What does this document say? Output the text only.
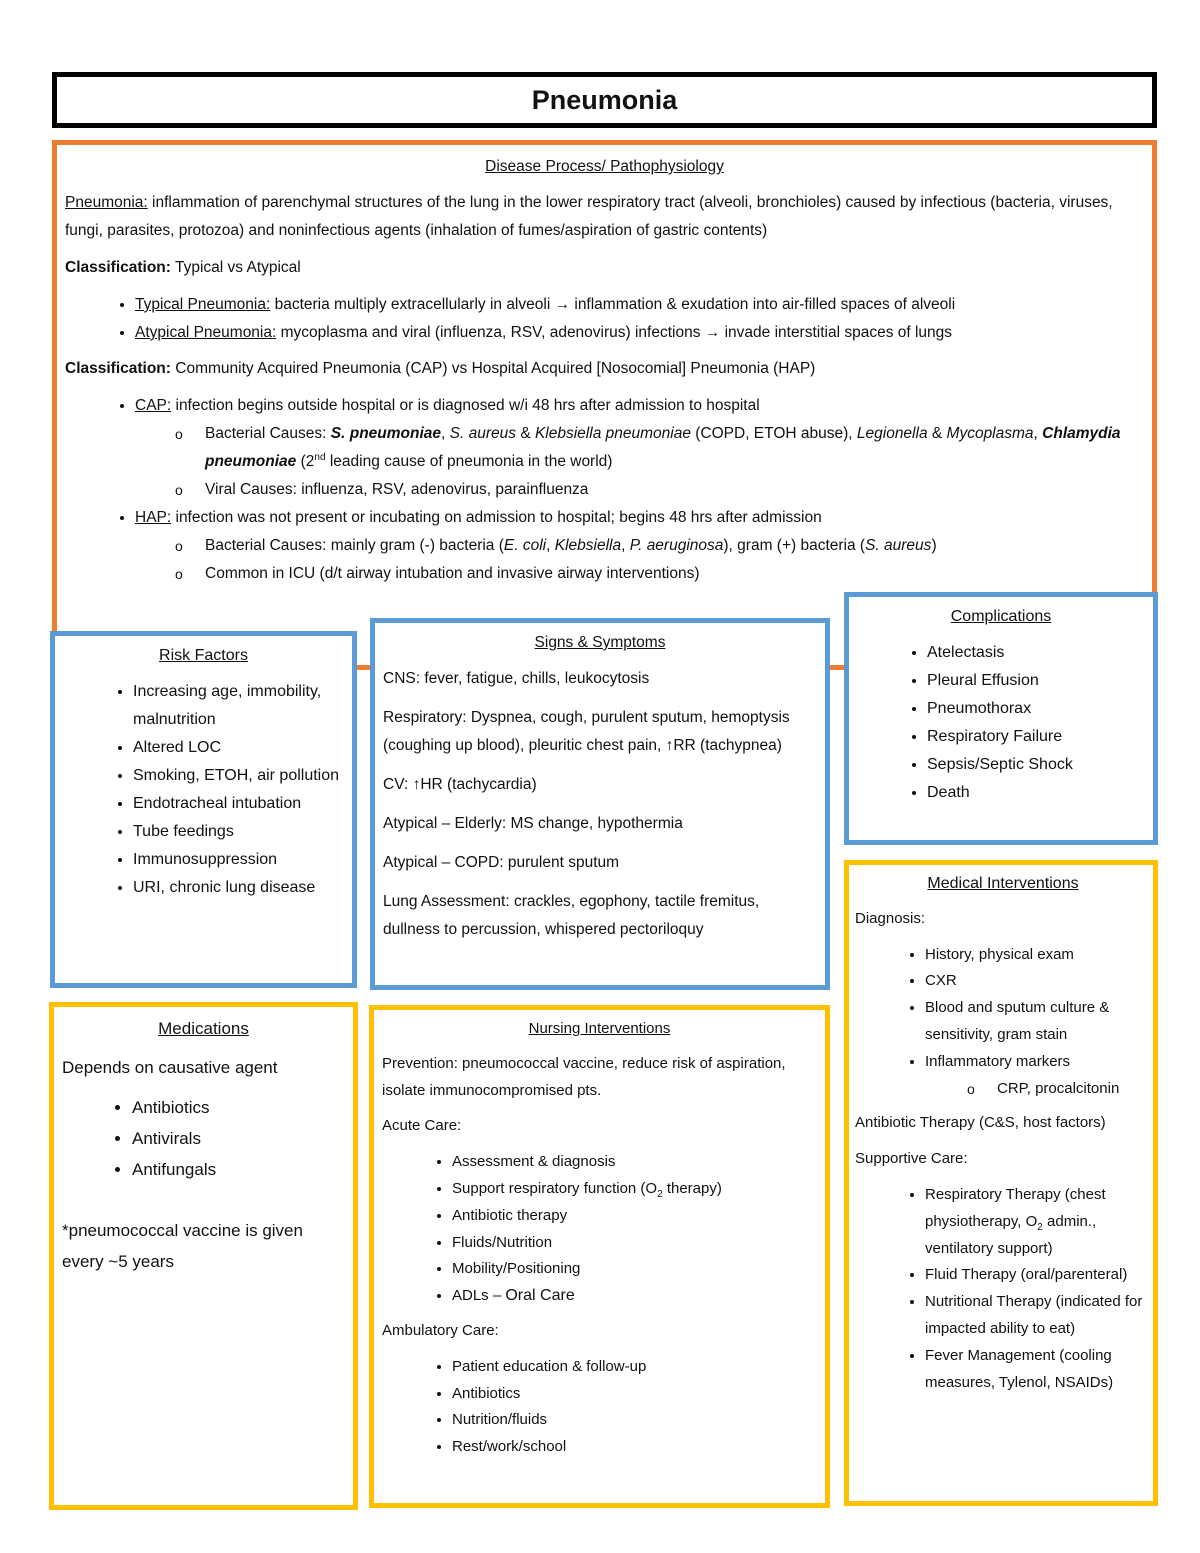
Pneumonia
Disease Process/ Pathophysiology

Pneumonia: inflammation of parenchymal structures of the lung in the lower respiratory tract (alveoli, bronchioles) caused by infectious (bacteria, viruses, fungi, parasites, protozoa) and noninfectious agents (inhalation of fumes/aspiration of gastric contents)

Classification: Typical vs Atypical

• Typical Pneumonia: bacteria multiply extracellularly in alveoli → inflammation & exudation into air-filled spaces of alveoli
• Atypical Pneumonia: mycoplasma and viral (influenza, RSV, adenovirus) infections → invade interstitial spaces of lungs

Classification: Community Acquired Pneumonia (CAP) vs Hospital Acquired [Nosocomial] Pneumonia (HAP)

• CAP: infection begins outside hospital or is diagnosed w/i 48 hrs after admission to hospital
o Bacterial Causes: S. pneumoniae, S. aureus & Klebsiella pneumoniae (COPD, ETOH abuse), Legionella & Mycoplasma, Chlamydia pneumoniae (2nd leading cause of pneumonia in the world)
o Viral Causes: influenza, RSV, adenovirus, parainfluenza
• HAP: infection was not present or incubating on admission to hospital; begins 48 hrs after admission
o Bacterial Causes: mainly gram (-) bacteria (E. coli, Klebsiella, P. aeruginosa), gram (+) bacteria (S. aureus)
o Common in ICU (d/t airway intubation and invasive airway interventions)
Risk Factors
• Increasing age, immobility, malnutrition
• Altered LOC
• Smoking, ETOH, air pollution
• Endotracheal intubation
• Tube feedings
• Immunosuppression
• URI, chronic lung disease
Signs & Symptoms

CNS: fever, fatigue, chills, leukocytosis

Respiratory: Dyspnea, cough, purulent sputum, hemoptysis (coughing up blood), pleuritic chest pain, ↑RR (tachypnea)

CV: ↑HR (tachycardia)

Atypical – Elderly: MS change, hypothermia

Atypical – COPD: purulent sputum

Lung Assessment: crackles, egophony, tactile fremitus, dullness to percussion, whispered pectoriloquy

Complications
• Atelectasis
• Pleural Effusion
• Pneumothorax
• Respiratory Failure
• Sepsis/Septic Shock
• Death
Medications

Depends on causative agent

• Antibiotics
• Antivirals
• Antifungals

*pneumococcal vaccine is given every ~5 years

Nursing Interventions

Prevention: pneumococcal vaccine, reduce risk of aspiration, isolate immunocompromised pts.

Acute Care:

• Assessment & diagnosis
• Support respiratory function ($O_2$ therapy)
• Antibiotic therapy
• Fluids/Nutrition
• Mobility/Positioning
• ADLs – Oral Care

Ambulatory Care:

• Patient education & follow-up
• Antibiotics
• Nutrition/fluids
• Rest/work/school
Medical Interventions

Diagnosis:

• History, physical exam
• CXR
• Blood and sputum culture & sensitivity, gram stain
• Inflammatory markers
o CRP, procalcitonin

Antibiotic Therapy (C&S, host factors)

Supportive Care:

• Respiratory Therapy (chest physiotherapy, $O_2$ admin., ventilatory support)
• Fluid Therapy (oral/parenteral)
• Nutritional Therapy (indicated for impacted ability to eat)
• Fever Management (cooling measures, Tylenol, NSAIDs)
